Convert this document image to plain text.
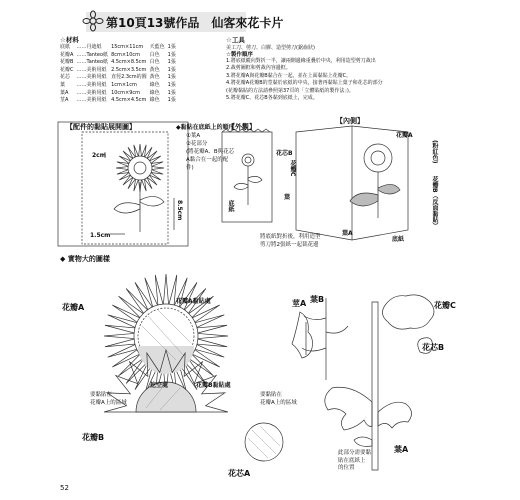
第10頁13號作品　仙客來花卡片
☆材料
底紙	……丹迪紙	15cm×11cm	天藍色	1張
花瓣A	……Tanteo紙	8cm×10cm	白色	1張
花瓣B	……Tanteo紙	4.5cm×8.5cm	白色	1張
花瓣C	……美術用紙	2.5cm×3.5cm	黃色	1張
花芯	……美術用紙	直徑2.3cm的圓	黃色	1張
葉	……美術用紙	1cm×1cm	綠色	1張
葉A	……美術用紙	10cm×9cm	綠色	1張
莖A	……美術用紙	4.5cm×4.5cm	綠色	1張
☆工具
美工刀、剪刀、白膠、造型剪刀(鋸齒狀)
☆製作順序
1.將底紙縱向對折一半，讓兩側邊緣重疊於中央，利用造型剪刀裁出
2.裁剪圖框和剪裁內容邊框。
3.將花瓣A與花瓣B黏合在一起，並在上面黏貼上花瓣C。
4.將花瓣A花瓣B的莖黏於底紙的中央，接著再黏貼上葉子和花芯的部分
(花瓣黏貼的方法請參照第37頁的「立體貼紙的製作法」)。
5.將花瓣C、花芯B各黏到底紙上，完成。
【配件的黏貼展開圖】	◆黏貼在底紙上的順序
①葉A
②花部分
(將花瓣A、B與花芯
A黏合在一起的配
件)
【外觀】
【內側】
將底紙對折後，利用造型
剪刀將2張紙一起裁花邊
◆ 實物大的圖樣
2cm
1.5cm
8.5cm
花芯B
花瓣C
葉
底紙
花瓣A
(粉紅色)
花瓣B（反面黏貼）
葉A
底紙
花瓣A
花瓣A黏貼處
挖空處	花瓣B黏貼處
要黏貼在
花瓣A上的區域
要黏貼在
花瓣A上的區域
花瓣B
花芯A
莖A 葉B
花瓣C
花芯B
葉A
此部分需要黏
貼在底紙上
的位置
52
